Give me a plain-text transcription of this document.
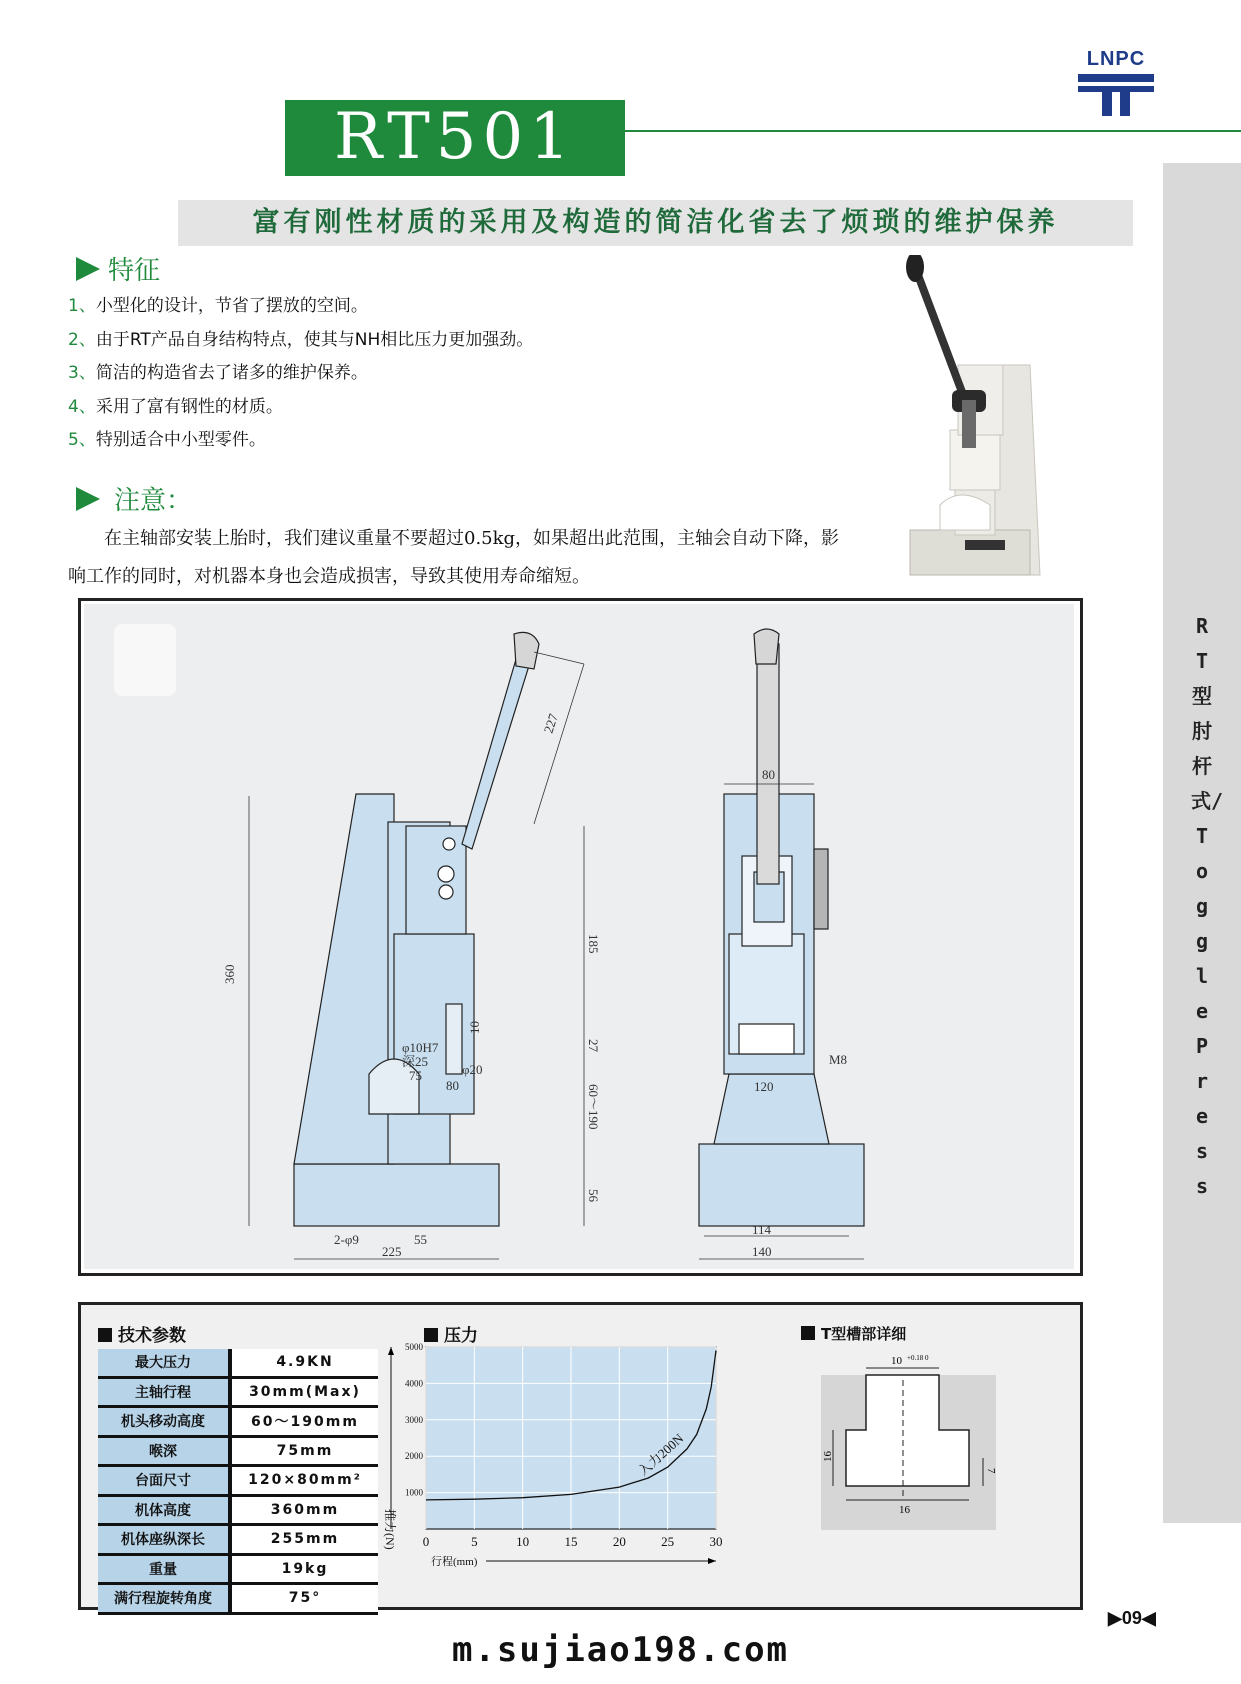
LNPC
RT501
RT型肘杆式/Toggle Press
富有刚性材质的采用及构造的简洁化省去了烦琐的维护保养
特征
1、小型化的设计，节省了摆放的空间。
2、由于RT产品自身结构特点，使其与NH相比压力更加强劲。
3、简洁的构造省去了诸多的维护保养。
4、采用了富有钢性的材质。
5、特别适合中小型零件。
注意：
在主轴部安装上胎时，我们建议重量不要超过0.5kg，如果超出此范围，主轴会自动下降，影响工作的同时，对机器本身也会造成损害，导致其使用寿命缩短。
360
185
27
60～190
56
227
10
φ10H7
深25
75	φ20
80
2-φ9	55
225
80
M8
120
114
140
技术参数
最大压力	4.9KN
主轴行程	30mm(Max)
机头移动高度	60～190mm
喉深	75mm
台面尺寸	120×80mm²
机体高度	360mm
机体座纵深长	255mm
重量	19kg
满行程旋转角度	75°
压力
0	5	10	15	20	25	30
1000
2000
3000
4000
5000
入力200N
推力(N)
行程(mm)
T型槽部详细
10 +0.18 0
16
7
16
▶09◀
m.sujiao198.com
